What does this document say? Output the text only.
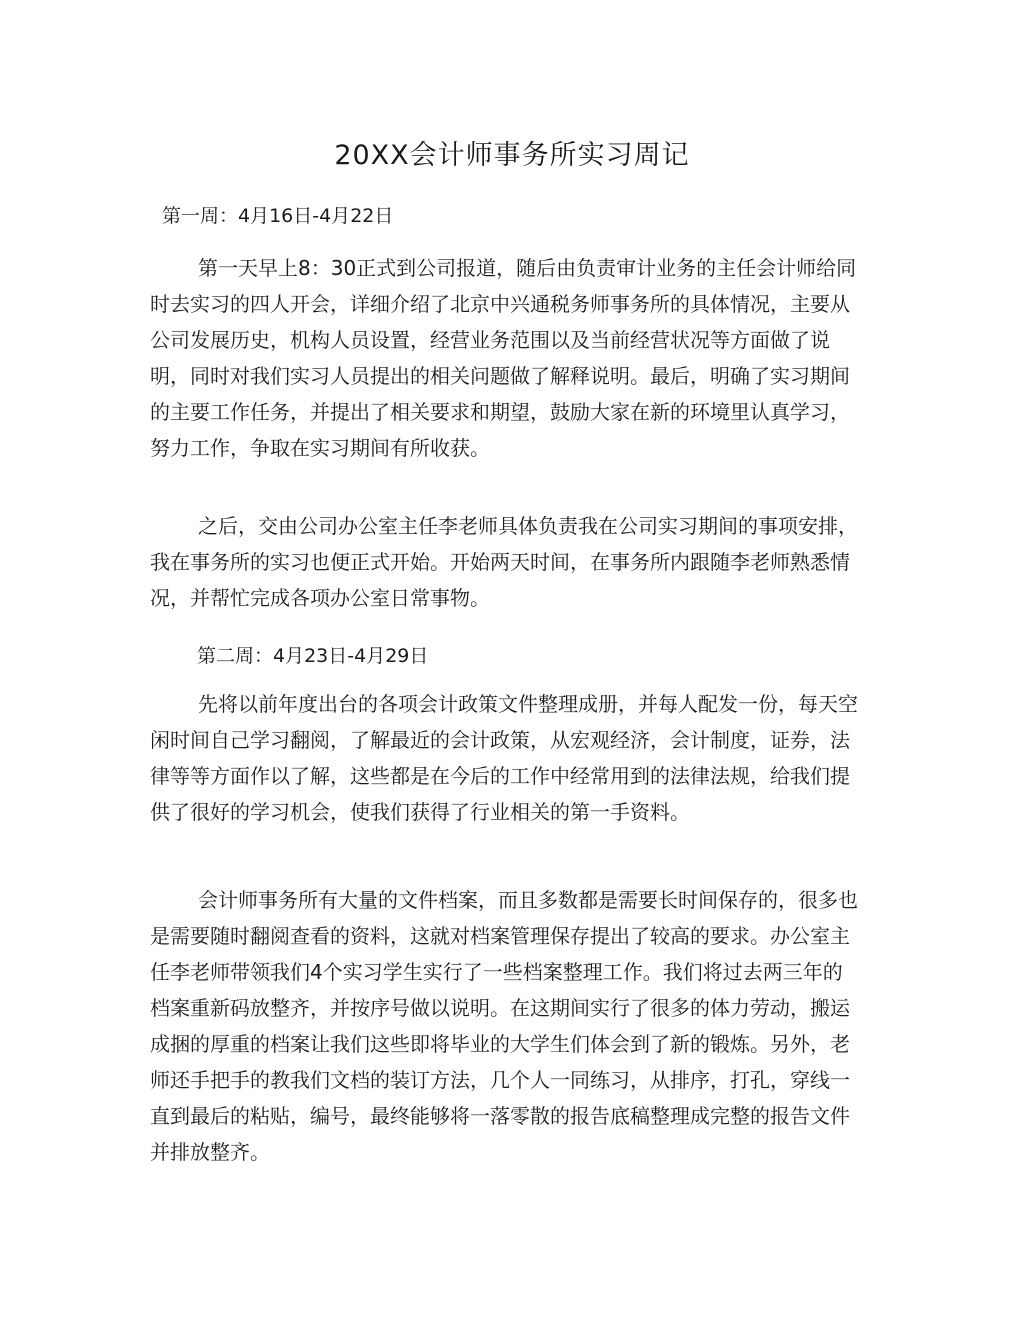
20XX会计师事务所实习周记

第一周：4月16日-4月22日

第一天早上8：30正式到公司报道，随后由负责审计业务的主任会计师给同时去实习的四人开会，详细介绍了北京中兴通税务师事务所的具体情况，主要从公司发展历史，机构人员设置，经营业务范围以及当前经营状况等方面做了说明，同时对我们实习人员提出的相关问题做了解释说明。最后，明确了实习期间的主要工作任务，并提出了相关要求和期望，鼓励大家在新的环境里认真学习，努力工作，争取在实习期间有所收获。

之后，交由公司办公室主任李老师具体负责我在公司实习期间的事项安排，我在事务所的实习也便正式开始。开始两天时间，在事务所内跟随李老师熟悉情况，并帮忙完成各项办公室日常事物。

第二周：4月23日-4月29日

先将以前年度出台的各项会计政策文件整理成册，并每人配发一份，每天空闲时间自己学习翻阅，了解最近的会计政策，从宏观经济，会计制度，证券，法律等等方面作以了解，这些都是在今后的工作中经常用到的法律法规，给我们提供了很好的学习机会，使我们获得了行业相关的第一手资料。

会计师事务所有大量的文件档案，而且多数都是需要长时间保存的，很多也是需要随时翻阅查看的资料，这就对档案管理保存提出了较高的要求。办公室主任李老师带领我们4个实习学生实行了一些档案整理工作。我们将过去两三年的档案重新码放整齐，并按序号做以说明。在这期间实行了很多的体力劳动，搬运成捆的厚重的档案让我们这些即将毕业的大学生们体会到了新的锻炼。另外，老师还手把手的教我们文档的装订方法，几个人一同练习，从排序，打孔，穿线一直到最后的粘贴，编号，最终能够将一落零散的报告底稿整理成完整的报告文件并排放整齐。
